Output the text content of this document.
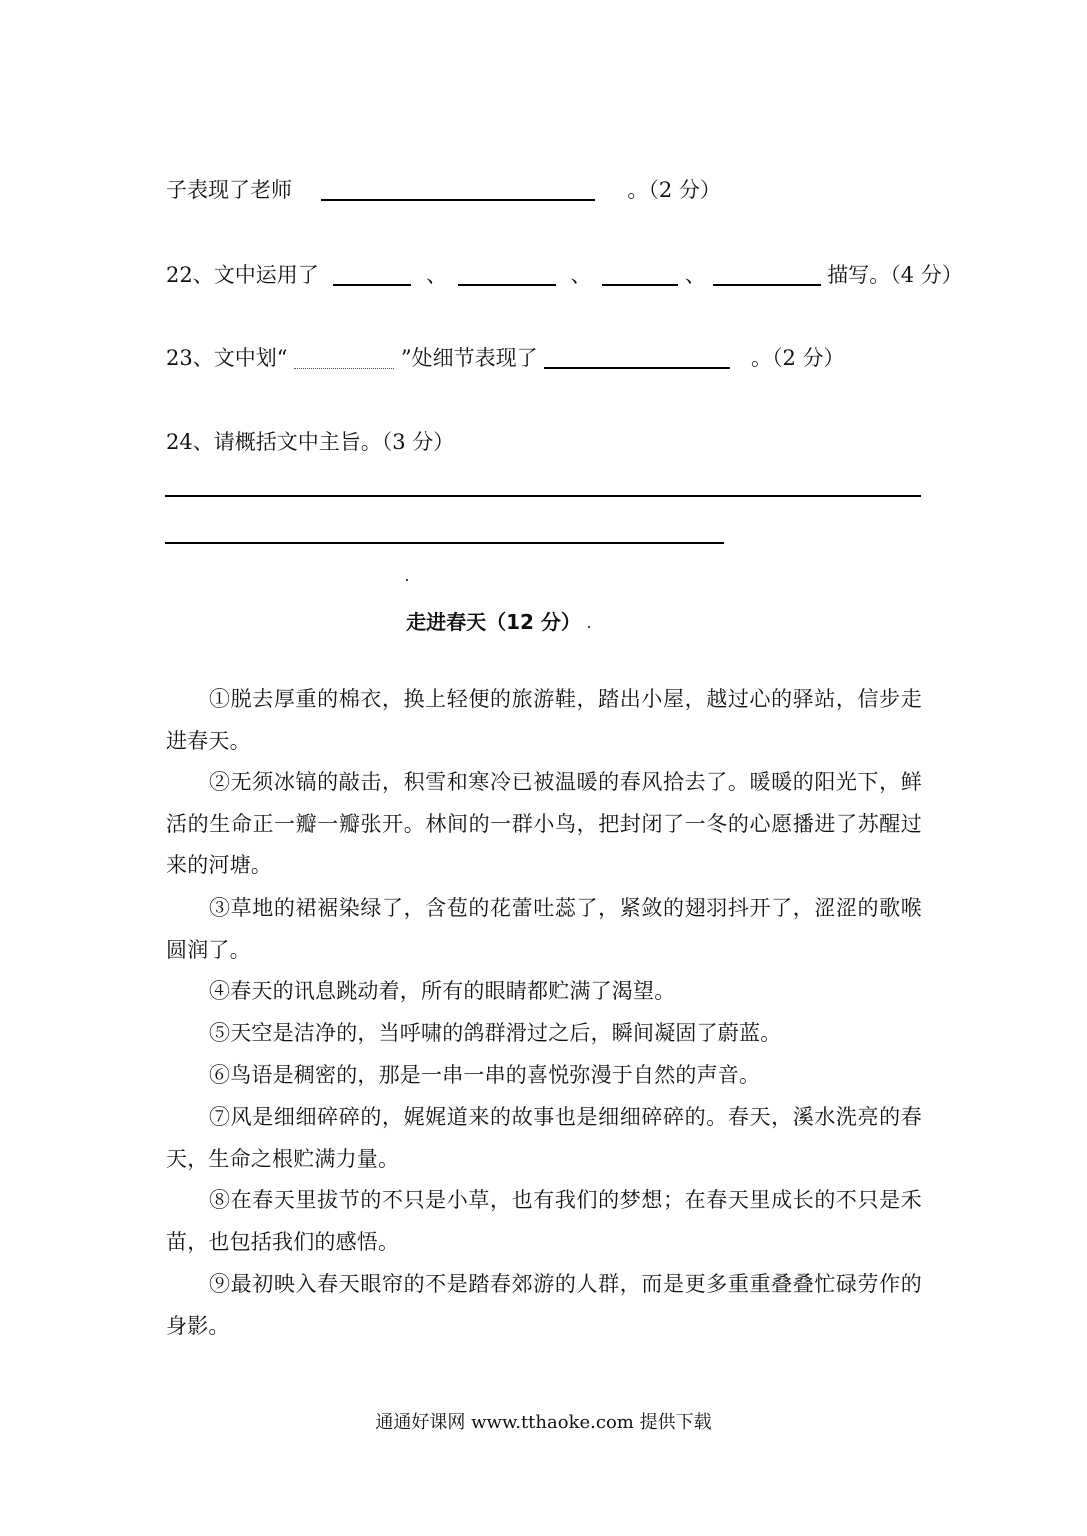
子表现了老师	。（2 分）
22、文中运用了	、	、	、	描写。（4 分）
23、文中划“	”处细节表现了	。（2 分）
24、请概括文中主旨。（3 分）
走进春天（12 分）
①脱去厚重的棉衣，换上轻便的旅游鞋，踏出小屋，越过心的驿站，信步走进春天。
②无须冰镐的敲击，积雪和寒冷已被温暖的春风拾去了。暖暖的阳光下，鲜活的生命正一瓣一瓣张开。林间的一群小鸟，把封闭了一冬的心愿播进了苏醒过来的河塘。
③草地的裙裾染绿了，含苞的花蕾吐蕊了，紧敛的翅羽抖开了，涩涩的歌喉圆润了。
④春天的讯息跳动着，所有的眼睛都贮满了渴望。
⑤天空是洁净的，当呼啸的鸽群滑过之后，瞬间凝固了蔚蓝。
⑥鸟语是稠密的，那是一串一串的喜悦弥漫于自然的声音。
⑦风是细细碎碎的，娓娓道来的故事也是细细碎碎的。春天，溪水洗亮的春天，生命之根贮满力量。
⑧在春天里拔节的不只是小草，也有我们的梦想；在春天里成长的不只是禾苗，也包括我们的感悟。
⑨最初映入春天眼帘的不是踏春郊游的人群，而是更多重重叠叠忙碌劳作的身影。
通通好课网 www.tthaoke.com 提供下载
